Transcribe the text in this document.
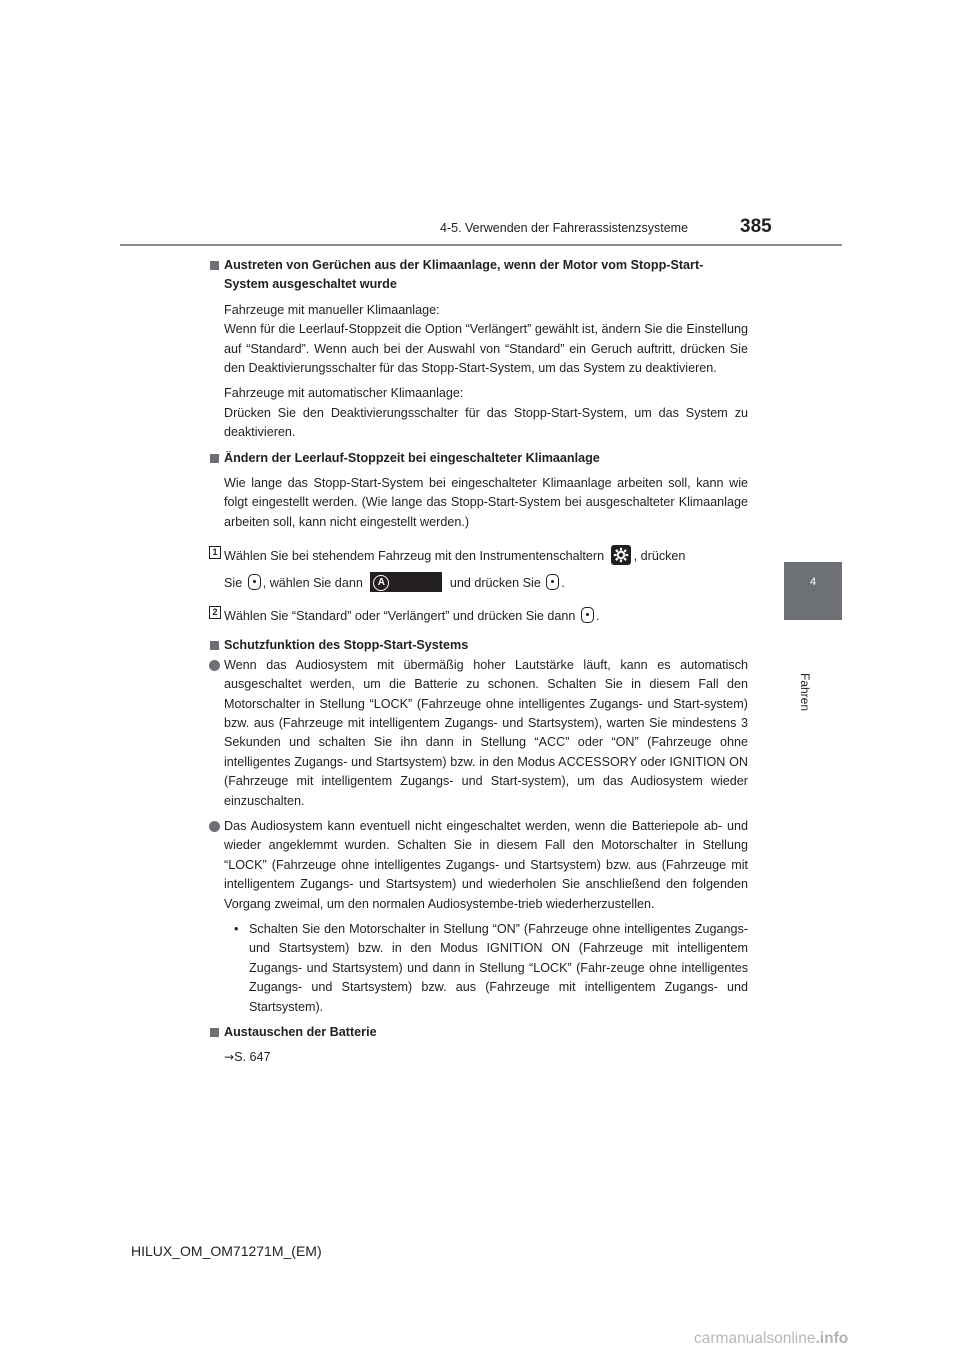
4-5. Verwenden der Fahrerassistenzsysteme	385
4
Fahren
Austreten von Gerüchen aus der Klimaanlage, wenn der Motor vom Stopp-Start-System ausgeschaltet wurde

Fahrzeuge mit manueller Klimaanlage:

Wenn für die Leerlauf-Stoppzeit die Option “Verlängert” gewählt ist, ändern Sie die Einstellung auf “Standard”. Wenn auch bei der Auswahl von “Standard” ein Geruch auftritt, drücken Sie den Deaktivierungsschalter für das Stopp-Start-System, um das System zu deaktivieren.

Fahrzeuge mit automatischer Klimaanlage:

Drücken Sie den Deaktivierungsschalter für das Stopp-Start-System, um das System zu deaktivieren.

Ändern der Leerlauf-Stoppzeit bei eingeschalteter Klimaanlage

Wie lange das Stopp-Start-System bei eingeschalteter Klimaanlage arbeiten soll, kann wie folgt eingestellt werden. (Wie lange das Stopp-Start-System bei ausgeschalteter Klimaanlage arbeiten soll, kann nicht eingestellt werden.)

1 Wählen Sie bei stehendem Fahrzeug mit den Instrumentenschaltern , drücken
Sie , wählen Sie dann	A	und drücken Sie .
2 Wählen Sie “Standard” oder “Verlängert” und drücken Sie dann .
Schutzfunktion des Stopp-Start-Systems

Wenn das Audiosystem mit übermäßig hoher Lautstärke läuft, kann es automatisch ausgeschaltet werden, um die Batterie zu schonen. Schalten Sie in diesem Fall den Motorschalter in Stellung “LOCK” (Fahrzeuge ohne intelligentes Zugangs- und Start-system) bzw. aus (Fahrzeuge mit intelligentem Zugangs- und Startsystem), warten Sie mindestens 3 Sekunden und schalten Sie ihn dann in Stellung “ACC” oder “ON” (Fahrzeuge ohne intelligentes Zugangs- und Startsystem) bzw. in den Modus ACCESSORY oder IGNITION ON (Fahrzeuge mit intelligentem Zugangs- und Start-system), um das Audiosystem wieder einzuschalten.

Das Audiosystem kann eventuell nicht eingeschaltet werden, wenn die Batteriepole ab- und wieder angeklemmt wurden. Schalten Sie in diesem Fall den Motorschalter in Stellung “LOCK” (Fahrzeuge ohne intelligentes Zugangs- und Startsystem) bzw. aus (Fahrzeuge mit intelligentem Zugangs- und Startsystem) und wiederholen Sie anschließend den folgenden Vorgang zweimal, um den normalen Audiosystembe-trieb wiederherzustellen.

• Schalten Sie den Motorschalter in Stellung “ON” (Fahrzeuge ohne intelligentes Zugangs- und Startsystem) bzw. in den Modus IGNITION ON (Fahrzeuge mit intelligentem Zugangs- und Startsystem) und dann in Stellung “LOCK” (Fahr-zeuge ohne intelligentes Zugangs- und Startsystem) bzw. aus (Fahrzeuge mit intelligentem Zugangs- und Startsystem).

Austauschen der Batterie

→S. 647

HILUX_OM_OM71271M_(EM)
carmanualsonline.info
